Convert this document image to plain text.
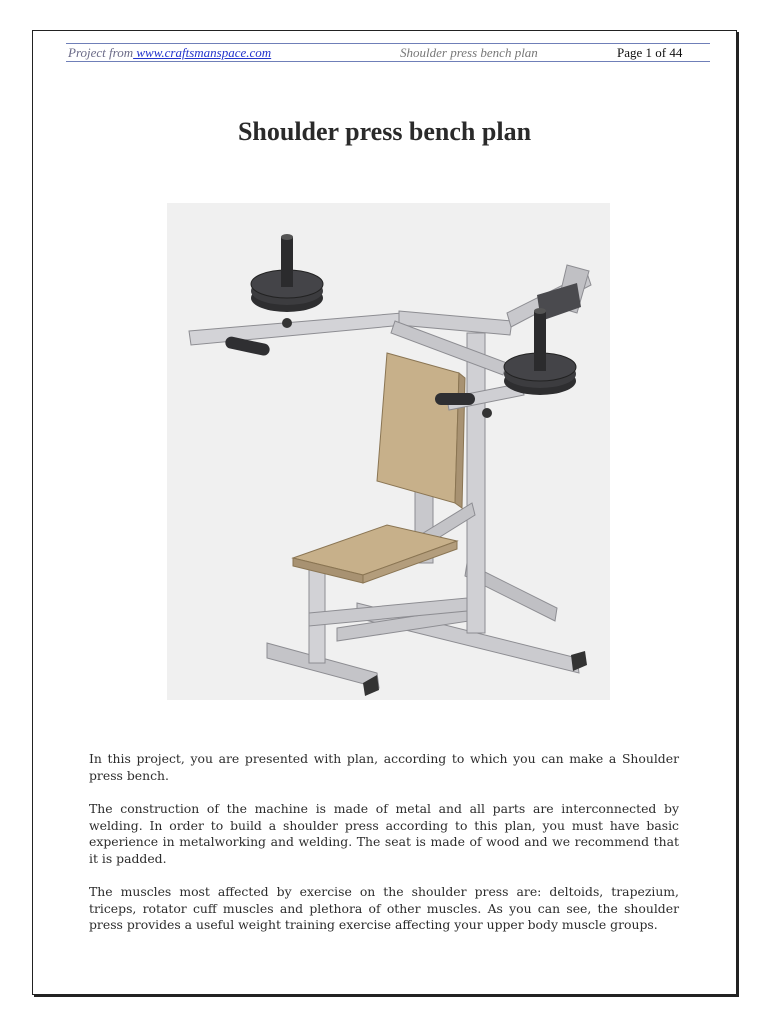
Project from www.craftsmanspace.com	Shoulder press bench plan	Page 1 of 44
Shoulder press bench plan

In this project, you are presented with plan, according to which you can make a Shoulder press bench.

The construction of the machine is made of metal and all parts are interconnected by welding. In order to build a shoulder press according to this plan, you must have basic experience in metalworking and welding. The seat is made of wood and we recommend that it is padded.

The muscles most affected by exercise on the shoulder press are: deltoids, trapezium, triceps, rotator cuff muscles and plethora of other muscles. As you can see, the shoulder press provides a useful weight training exercise affecting your upper body muscle groups.
